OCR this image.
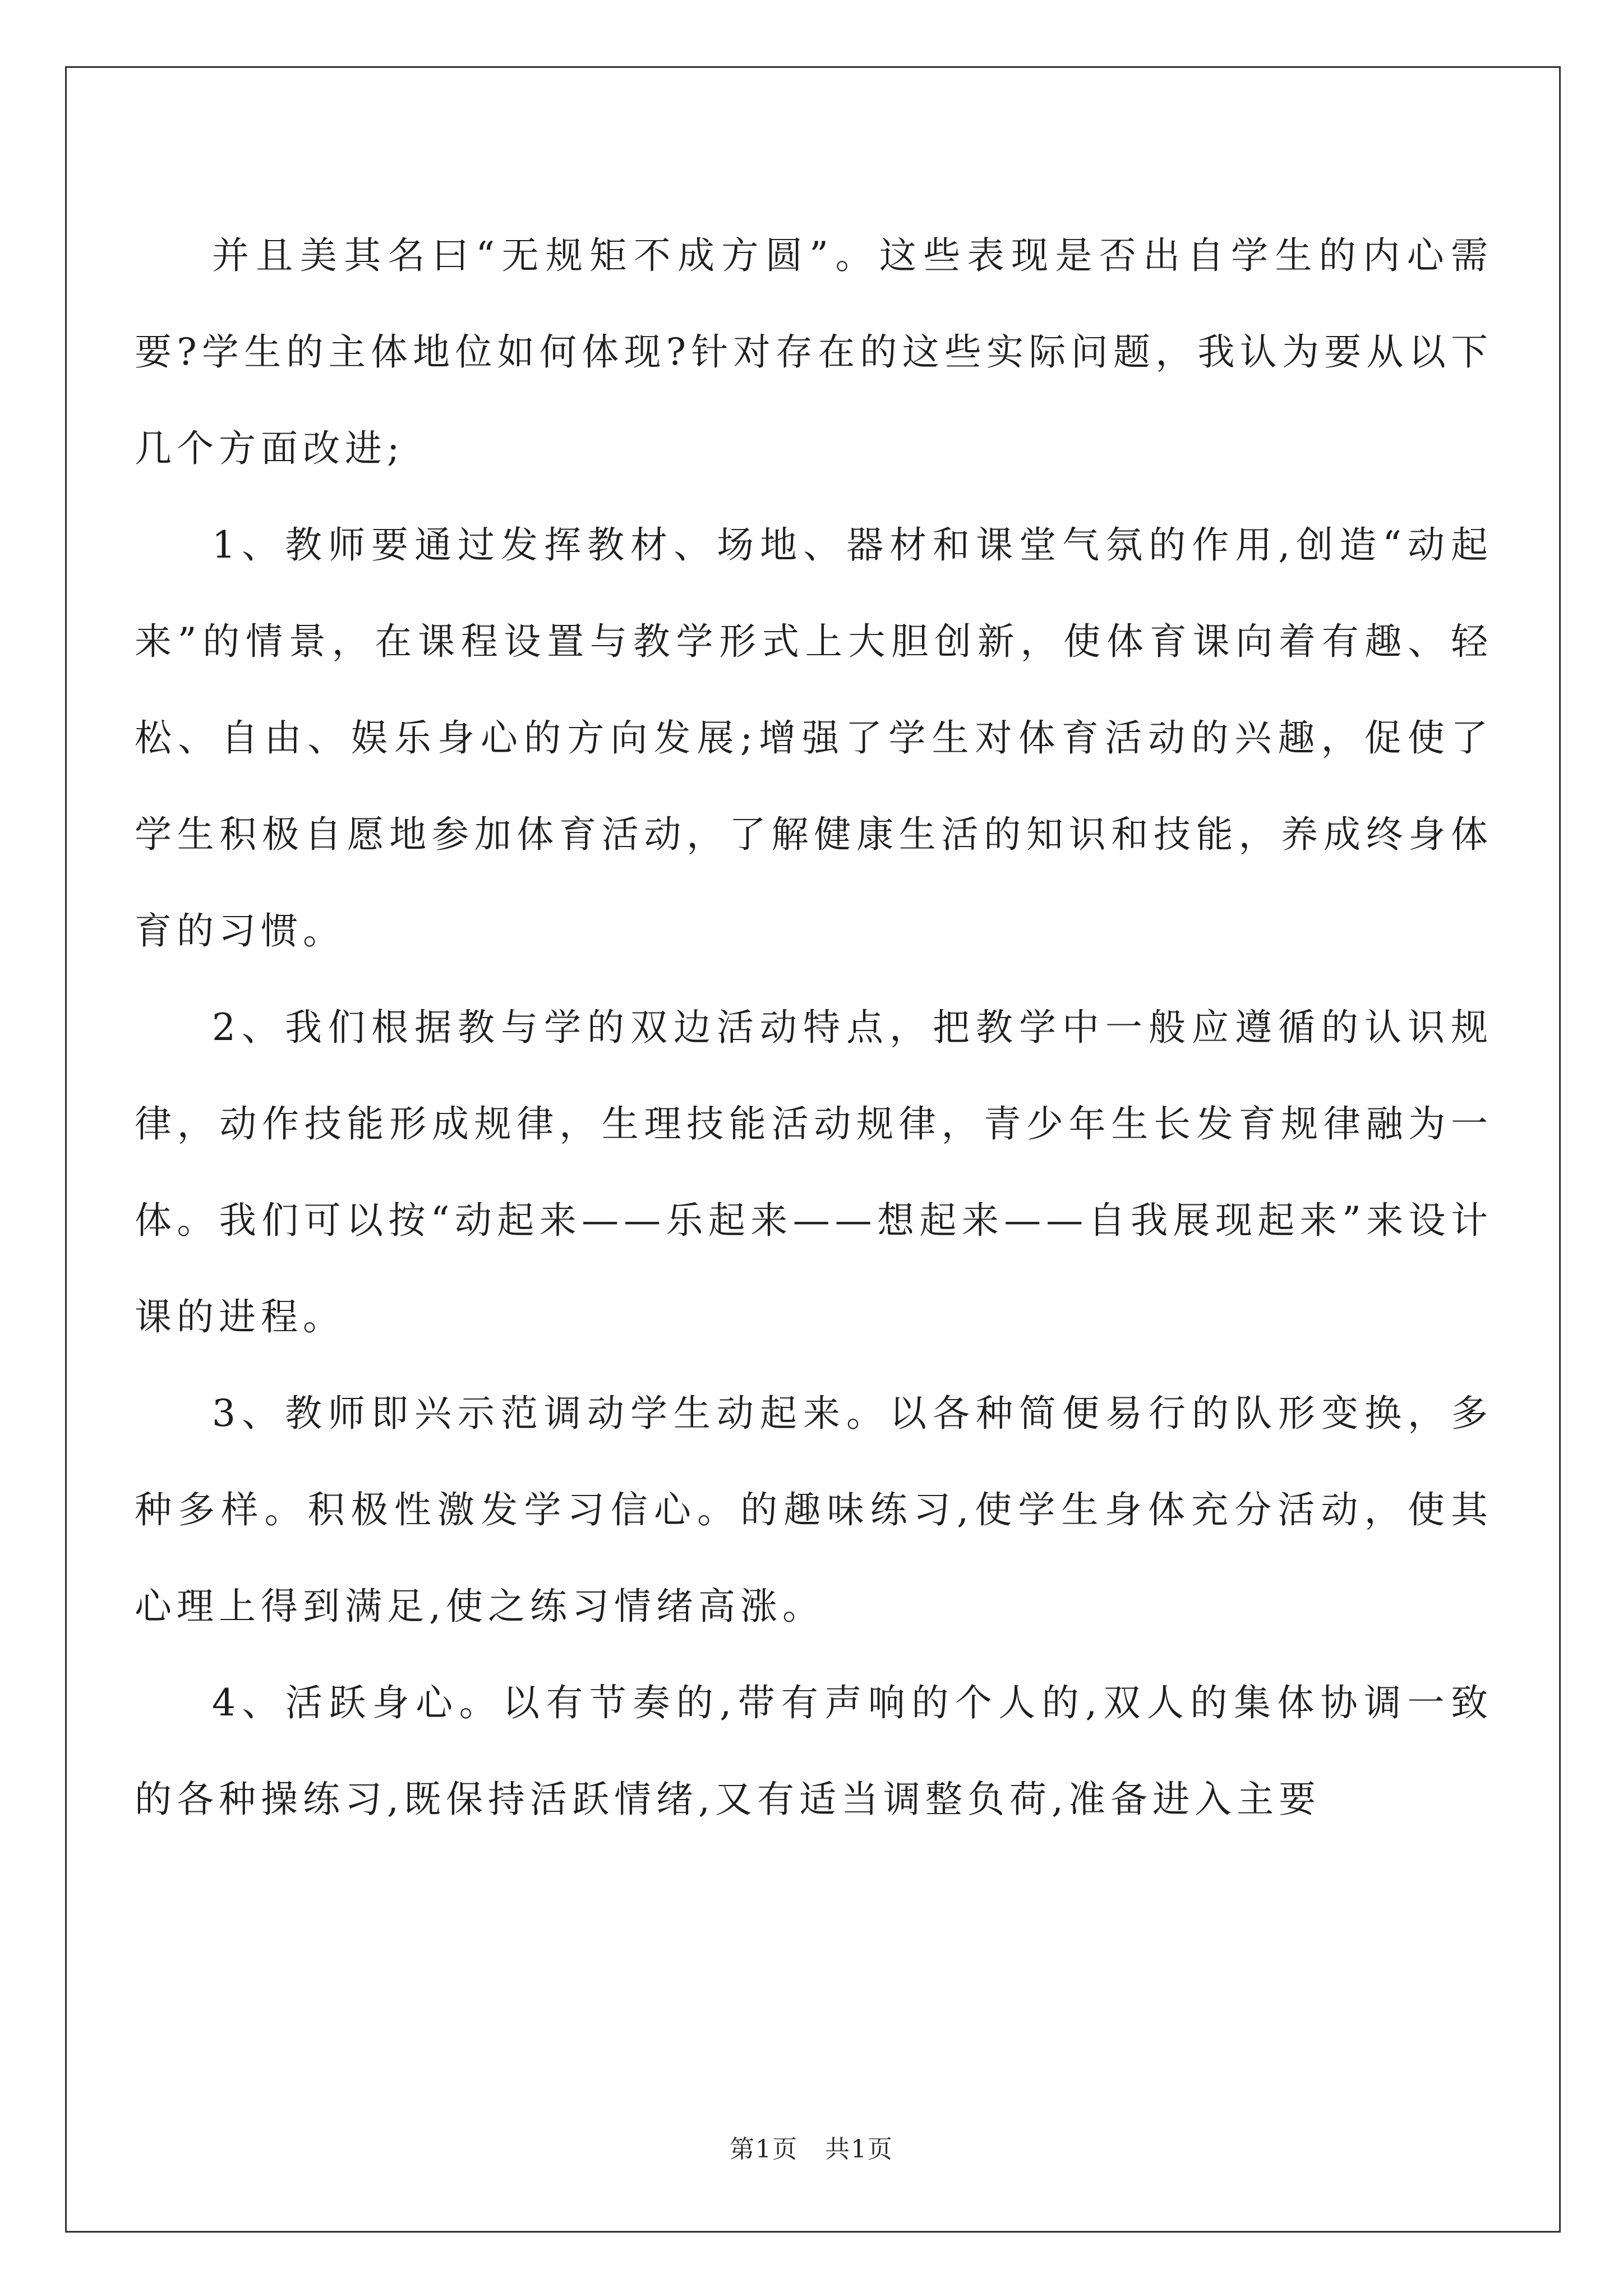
并且美其名曰“无规矩不成方圆”。这些表现是否出自学生的内心需要?学生的主体地位如何体现?针对存在的这些实际问题，我认为要从以下几个方面改进;

1、教师要通过发挥教材、场地、器材和课堂气氛的作用,创造“动起来”的情景，在课程设置与教学形式上大胆创新，使体育课向着有趣、轻松、自由、娱乐身心的方向发展;增强了学生对体育活动的兴趣，促使了学生积极自愿地参加体育活动，了解健康生活的知识和技能，养成终身体育的习惯。

2、我们根据教与学的双边活动特点，把教学中一般应遵循的认识规律，动作技能形成规律，生理技能活动规律，青少年生长发育规律融为一体。我们可以按“动起来——乐起来——想起来——自我展现起来”来设计课的进程。

3、教师即兴示范调动学生动起来。以各种简便易行的队形变换，多种多样。积极性激发学习信心。的趣味练习,使学生身体充分活动，使其心理上得到满足,使之练习情绪高涨。

4、活跃身心。以有节奏的,带有声响的个人的,双人的集体协调一致的各种操练习,既保持活跃情绪,又有适当调整负荷,准备进入主要

第1页   共1页
